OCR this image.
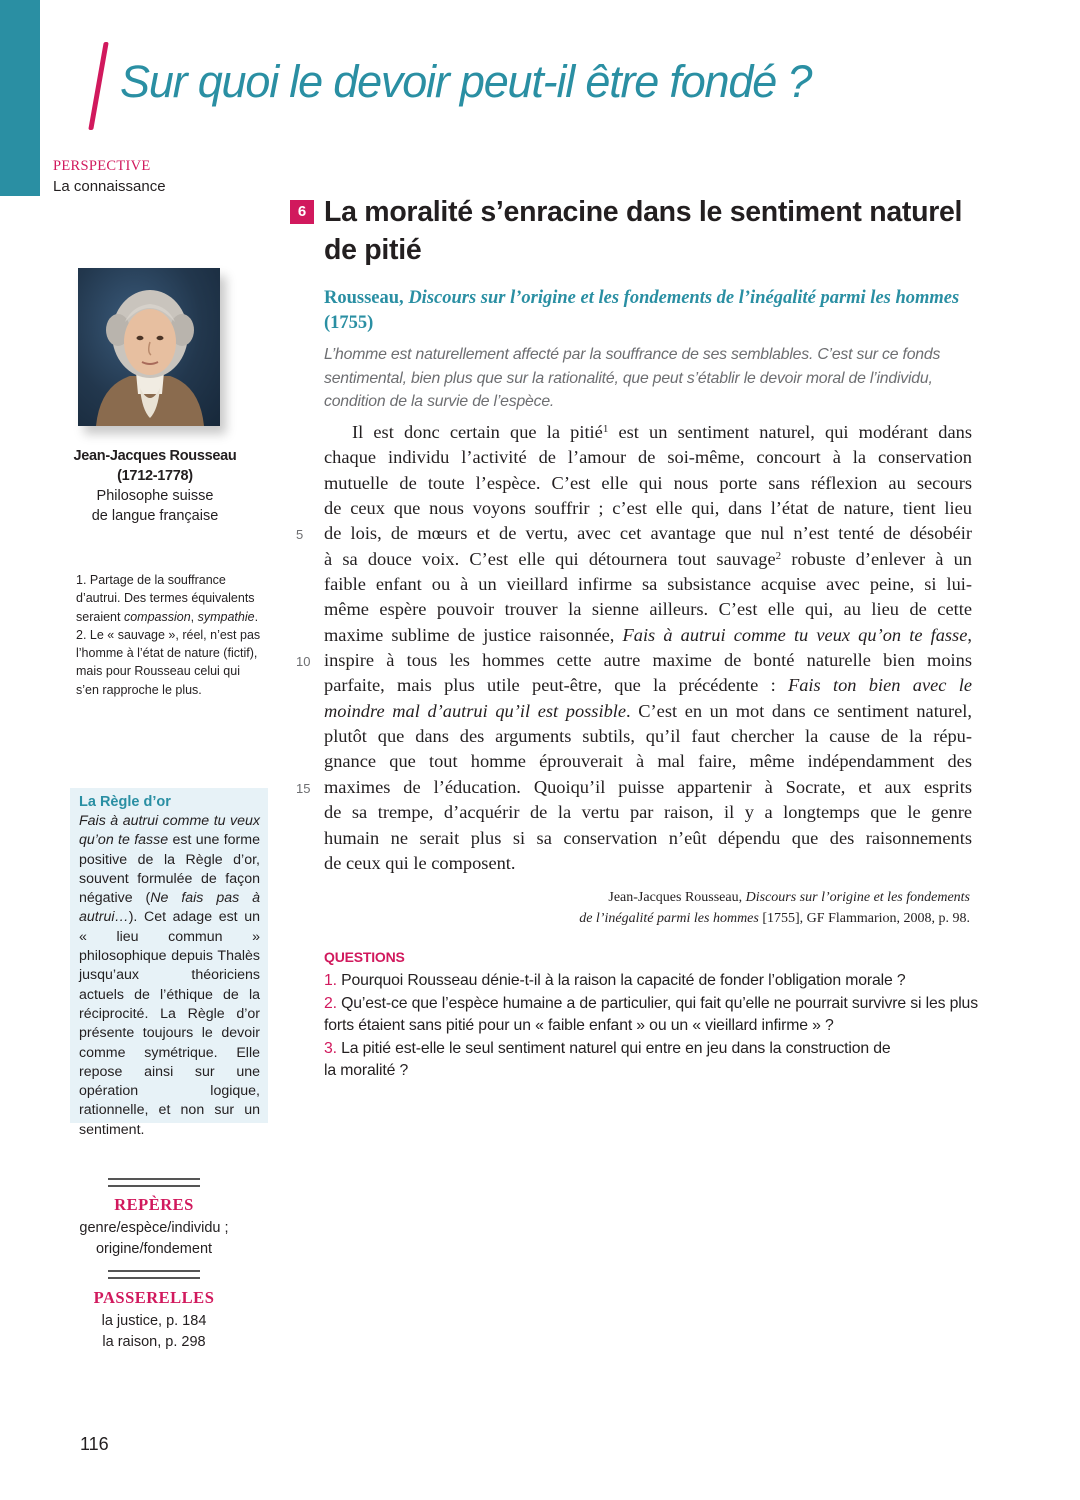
Sur quoi le devoir peut-il être fondé ?
PERSPECTIVE
La connaissance
Jean-Jacques Rousseau
(1712-1778)
Philosophe suisse
de langue française

1. Partage de la souffrance d’autrui. Des termes équivalents seraient compassion, sympathie.

2. Le « sauvage », réel, n’est pas l’homme à l’état de nature (fictif), mais pour Rousseau celui qui s’en rapproche le plus.

La Règle d’or

Fais à autrui comme tu veux qu’on te fasse est une forme positive de la Règle d’or, souvent formulée de façon négative (Ne fais pas à autrui…). Cet adage est un « lieu commun » philosophique depuis Thalès jusqu’aux théoriciens actuels de l’éthique de la réciprocité. La Règle d’or présente toujours le devoir comme symétrique. Elle repose ainsi sur une opération logique, rationnelle, et non sur un sentiment.

REPÈRES
genre/espèce/individu ;
origine/fondement
PASSERELLES
la justice, p. 184
la raison, p. 298
116
6 La moralité s’enracine dans le sentiment naturel de pitié
Rousseau, Discours sur l’origine et les fondements de l’inégalité parmi les hommes (1755)

L’homme est naturellement affecté par la souffrance de ses semblables. C’est sur ce fonds sentimental, bien plus que sur la rationalité, que peut s’établir le devoir moral de l’individu, condition de la survie de l’espèce.

5
10
15
Il est donc certain que la pitié$^1$ est un sentiment naturel, qui modérant dans
chaque individu l’activité de l’amour de soi-même, concourt à la conservation
mutuelle de toute l’espèce. C’est elle qui nous porte sans réflexion au secours
de ceux que nous voyons souffrir ; c’est elle qui, dans l’état de nature, tient lieu
de lois, de mœurs et de vertu, avec cet avantage que nul n’est tenté de désobéir
à sa douce voix. C’est elle qui détournera tout sauvage$^2$ robuste d’enlever à un
faible enfant ou à un vieillard infirme sa subsistance acquise avec peine, si lui-
même espère pouvoir trouver la sienne ailleurs. C’est elle qui, au lieu de cette
maxime sublime de justice raisonnée, Fais à autrui comme tu veux qu’on te fasse,
inspire à tous les hommes cette autre maxime de bonté naturelle bien moins
parfaite, mais plus utile peut-être, que la précédente : Fais ton bien avec le
moindre mal d’autrui qu’il est possible. C’est en un mot dans ce sentiment naturel,
plutôt que dans des arguments subtils, qu’il faut chercher la cause de la répu-
gnance que tout homme éprouverait à mal faire, même indépendamment des
maximes de l’éducation. Quoiqu’il puisse appartenir à Socrate, et aux esprits
de sa trempe, d’acquérir de la vertu par raison, il y a longtemps que le genre
humain ne serait plus si sa conservation n’eût dépendu que des raisonnements
de ceux qui le composent.
Jean-Jacques Rousseau, Discours sur l’origine et les fondements
de l’inégalité parmi les hommes [1755], GF Flammarion, 2008, p. 98.
QUESTIONS
1. Pourquoi Rousseau dénie-t-il à la raison la capacité de fonder l’obligation morale ?
2. Qu’est-ce que l’espèce humaine a de particulier, qui fait qu’elle ne pourrait survivre si les plus forts étaient sans pitié pour un « faible enfant » ou un « vieillard infirme » ?
3. La pitié est-elle le seul sentiment naturel qui entre en jeu dans la construction de la moralité ?
